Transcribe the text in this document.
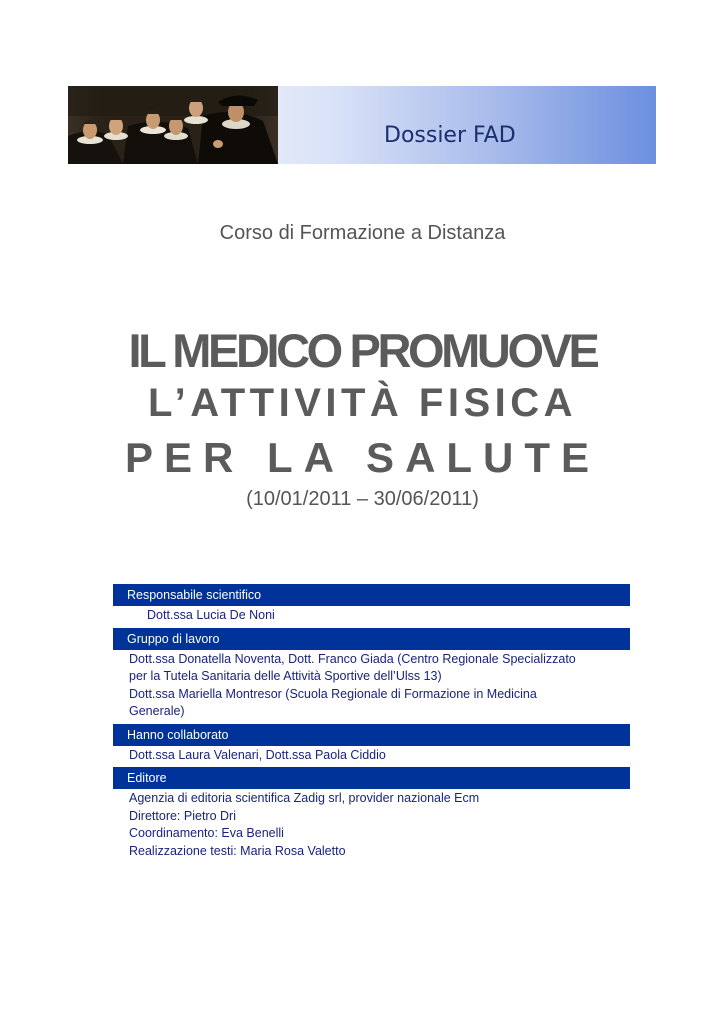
Dossier FAD
Corso di Formazione a Distanza
IL MEDICO PROMUOVE
L’ATTIVITÀ FISICA
PER LA SALUTE
(10/01/2011 – 30/06/2011)
Responsabile scientifico

Dott.ssa Lucia De Noni

Gruppo di lavoro

Dott.ssa Donatella Noventa, Dott. Franco Giada (Centro Regionale Specializzato

per la Tutela Sanitaria delle Attività Sportive dell’Ulss 13)

Dott.ssa Mariella Montresor (Scuola Regionale di Formazione in Medicina

Generale)

Hanno collaborato

Dott.ssa Laura Valenari, Dott.ssa Paola Ciddio

Editore

Agenzia di editoria scientifica Zadig srl, provider nazionale Ecm

Direttore: Pietro Dri

Coordinamento: Eva Benelli

Realizzazione testi: Maria Rosa Valetto
